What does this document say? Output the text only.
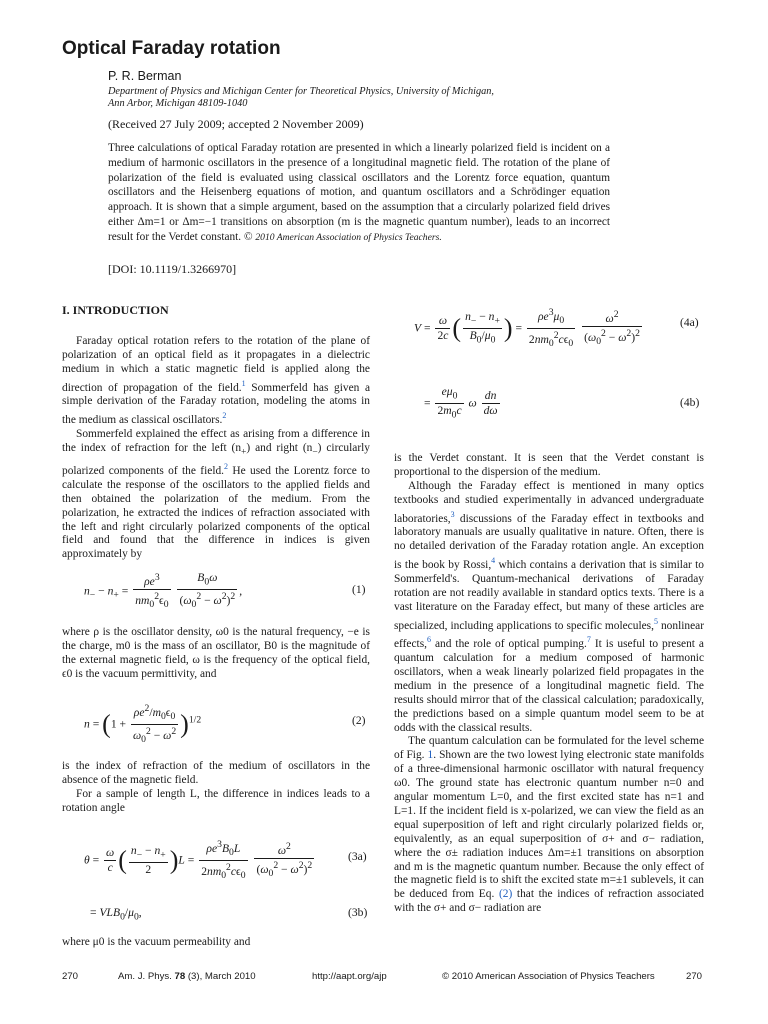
Optical Faraday rotation
P. R. Berman
Department of Physics and Michigan Center for Theoretical Physics, University of Michigan,
Ann Arbor, Michigan 48109-1040
(Received 27 July 2009; accepted 2 November 2009)
Three calculations of optical Faraday rotation are presented in which a linearly polarized field is incident on a medium of harmonic oscillators in the presence of a longitudinal magnetic field. The rotation of the plane of polarization of the field is evaluated using classical oscillators and the Lorentz force equation, quantum oscillators and the Heisenberg equations of motion, and quantum oscillators and a Schrödinger equation approach. It is shown that a simple argument, based on the assumption that a circularly polarized field drives either Δm=1 or Δm=−1 transitions on absorption (m is the magnetic quantum number), leads to an incorrect result for the Verdet constant. © 2010 American Association of Physics Teachers.
[DOI: 10.1119/1.3266970]
I. INTRODUCTION

Faraday optical rotation refers to the rotation of the plane of polarization of an optical field as it propagates in a dielectric medium in which a static magnetic field is applied along the direction of propagation of the field.$^1$ Sommerfeld has given a simple derivation of the Faraday rotation, modeling the atoms in the medium as classical oscillators.$^2$

Sommerfeld explained the effect as arising from a difference in the index of refraction for the left $(n_+)$ and right $(n_-)$ circularly polarized components of the field.$^2$ He used the Lorentz force to calculate the response of the oscillators to the applied fields and then obtained the polarization of the medium. From the polarization, he extracted the indices of refraction associated with the left and right circularly polarized components of the optical field and found that the difference in indices is given approximately by

$n_- - n_+ = \frac{\rho e^3}{nm_0^2\epsilon_0}$
$\frac{B_0\omega}{(\omega_0^2 - \omega^2)^2}$ ,	(1)

where ρ is the oscillator density, ω0 is the natural frequency, −e is the charge, m0 is the mass of an oscillator, B0 is the magnitude of the external magnetic field, ω is the frequency of the optical field, ϵ0 is the vacuum permittivity, and

$n = (1 + \frac{\rho e^2/m_0\epsilon_0}{\omega_0^2 - \omega^2} )^{1/2}$	(2)

is the index of refraction of the medium of oscillators in the absence of the magnetic field.

For a sample of length L, the difference in indices leads to a rotation angle

$\theta = \frac{\omega}{c}$ ( $\frac{n_- - n_+}{2} )L = \frac{\rho e^3B_0L}{2nm_0^2c\epsilon_0}$
$\frac{\omega^2}{(\omega_0^2 - \omega^2)^2}$	(3a)
= $VLB_0/\mu_0$,	(3b)

where μ0 is the vacuum permeability and

$V = \frac{\omega}{2c}$ ( $\frac{n_- - n_+}{B_0/\mu_0}$ ) = $\frac{\rho e^3\mu_0}{2nm_0^2c\epsilon_0}$
$\frac{\omega^2}{(\omega_0^2 - \omega^2)^2}$	(4a)
= $\frac{e\mu_0}{2m_0c}$ ω $\frac{dn}{d\omega}$	(4b)

is the Verdet constant. It is seen that the Verdet constant is proportional to the dispersion of the medium.

Although the Faraday effect is mentioned in many optics textbooks and studied experimentally in advanced undergraduate laboratories,$^3$ discussions of the Faraday effect in textbooks and laboratory manuals are usually qualitative in nature. Often, there is no detailed derivation of the Faraday rotation angle. An exception is the book by Rossi,$^4$ which contains a derivation that is similar to Sommerfeld's. Quantum-mechanical derivations of Faraday rotation are not readily available in standard optics texts. There is a vast literature on the Faraday effect, but many of these articles are specialized, including applications to specific molecules,$^5$ nonlinear effects,$^6$ and the role of optical pumping.$^7$ It is useful to present a quantum calculation for a medium composed of harmonic oscillators, when a weak linearly polarized field propagates in the medium in the presence of a longitudinal magnetic field. The results should mirror that of the classical calculation; paradoxically, the predictions based on a simple quantum model seem to be at odds with the classical results.

The quantum calculation can be formulated for the level scheme of Fig. 1. Shown are the two lowest lying electronic state manifolds of a three-dimensional harmonic oscillator with natural frequency ω0. The ground state has electronic quantum number n=0 and angular momentum L=0, and the first excited state has n=1 and L=1. If the incident field is x-polarized, we can view the field as an equal superposition of left and right circularly polarized fields or, equivalently, as an equal superposition of σ+ and σ− radiation, where the σ± radiation induces Δm=±1 transitions on absorption and m is the magnetic quantum number. Because the only effect of the magnetic field is to shift the excited state m=±1 sublevels, it can be deduced from Eq. (2) that the indices of refraction associated with the σ+ and σ− radiation are

270	Am. J. Phys. 78 (3), March 2010	http://aapt.org/ajp	© 2010 American Association of Physics Teachers	270
